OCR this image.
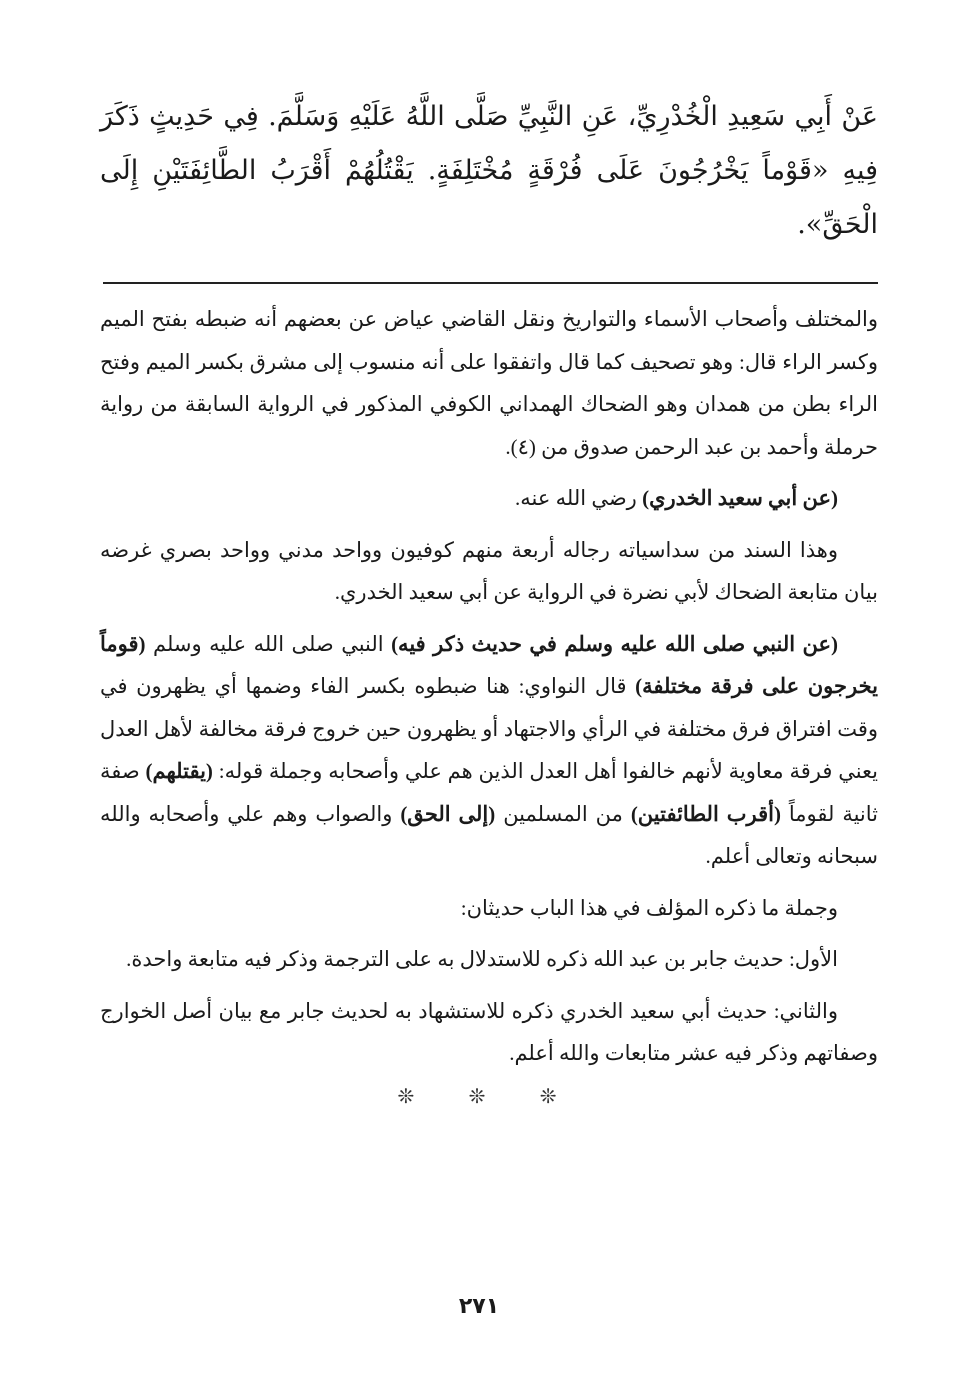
عَنْ أَبِي سَعِيدِ الْخُدْرِيِّ، عَنِ النَّبِيِّ صَلَّى اللَّهُ عَلَيْهِ وَسَلَّمَ. فِي حَدِيثٍ ذَكَرَ فِيهِ «قَوْماً يَخْرُجُونَ عَلَى فُرْقَةٍ مُخْتَلِفَةٍ. يَقْتُلُهُمْ أَقْرَبُ الطَّائِفَتَيْنِ إِلَى الْحَقِّ».

والمختلف وأصحاب الأسماء والتواريخ ونقل القاضي عياض عن بعضهم أنه ضبطه بفتح الميم وكسر الراء قال: وهو تصحيف كما قال واتفقوا على أنه منسوب إلى مشرق بكسر الميم وفتح الراء بطن من همدان وهو الضحاك الهمداني الكوفي المذكور في الرواية السابقة من رواية حرملة وأحمد بن عبد الرحمن صدوق من (٤).

(عن أبي سعيد الخدري) رضي الله عنه.

وهذا السند من سداسياته رجاله أربعة منهم كوفيون وواحد مدني وواحد بصري غرضه بيان متابعة الضحاك لأبي نضرة في الرواية عن أبي سعيد الخدري.

(عن النبي صلى الله عليه وسلم في حديث ذكر فيه) النبي صلى الله عليه وسلم (قوماً يخرجون على فرقة مختلفة) قال النواوي: هنا ضبطوه بكسر الفاء وضمها أي يظهرون في وقت افتراق فرق مختلفة في الرأي والاجتهاد أو يظهرون حين خروج فرقة مخالفة لأهل العدل يعني فرقة معاوية لأنهم خالفوا أهل العدل الذين هم علي وأصحابه وجملة قوله: (يقتلهم) صفة ثانية لقوماً (أقرب الطائفتين) من المسلمين (إلى الحق) والصواب وهم علي وأصحابه والله سبحانه وتعالى أعلم.

وجملة ما ذكره المؤلف في هذا الباب حديثان:

الأول: حديث جابر بن عبد الله ذكره للاستدلال به على الترجمة وذكر فيه متابعة واحدة.

والثاني: حديث أبي سعيد الخدري ذكره للاستشهاد به لحديث جابر مع بيان أصل الخوارج وصفاتهم وذكر فيه عشر متابعات والله أعلم.

❊ ❊ ❊
٢٧١
